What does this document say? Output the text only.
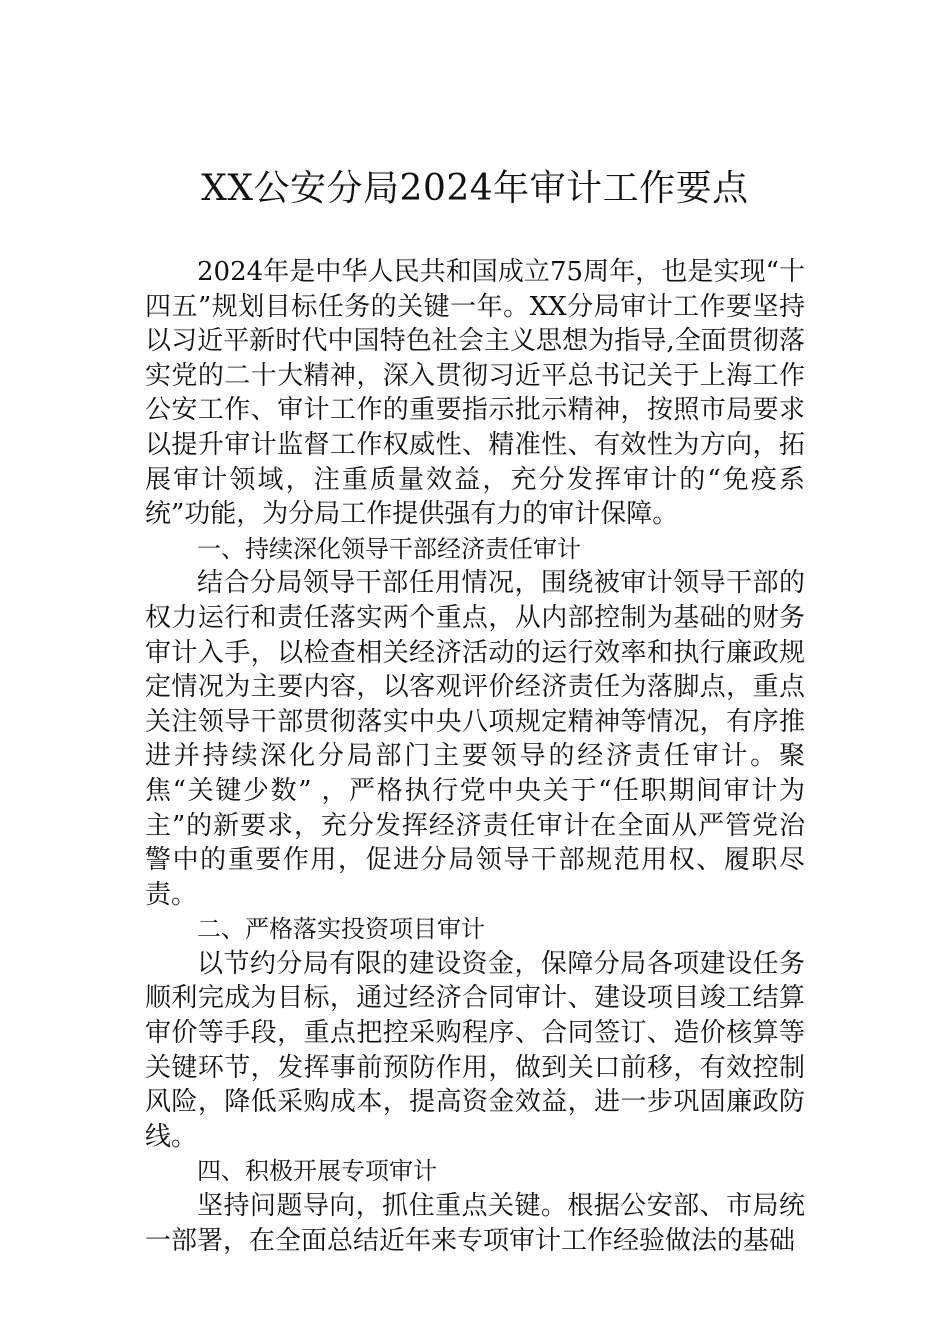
XX公安分局2024年审计工作要点

2024年是中华人民共和国成立75周年，也是实现“十四五”规划目标任务的关键一年。XX分局审计工作要坚持以习近平新时代中国特色社会主义思想为指导,全面贯彻落实党的二十大精神，深入贯彻习近平总书记关于上海工作公安工作、审计工作的重要指示批示精神，按照市局要求以提升审计监督工作权威性、精准性、有效性为方向，拓展审计领域，注重质量效益，充分发挥审计的“免疫系统”功能，为分局工作提供强有力的审计保障。

一、持续深化领导干部经济责任审计

结合分局领导干部任用情况，围绕被审计领导干部的权力运行和责任落实两个重点，从内部控制为基础的财务审计入手，以检查相关经济活动的运行效率和执行廉政规定情况为主要内容，以客观评价经济责任为落脚点，重点关注领导干部贯彻落实中央八项规定精神等情况，有序推进并持续深化分局部门主要领导的经济责任审计。聚焦“关键少数” ，严格执行党中央关于“任职期间审计为主”的新要求，充分发挥经济责任审计在全面从严管党治警中的重要作用，促进分局领导干部规范用权、履职尽责。

二、严格落实投资项目审计

以节约分局有限的建设资金，保障分局各项建设任务顺利完成为目标，通过经济合同审计、建设项目竣工结算审价等手段，重点把控采购程序、合同签订、造价核算等关键环节，发挥事前预防作用，做到关口前移，有效控制风险，降低采购成本，提高资金效益，进一步巩固廉政防线。

四、积极开展专项审计

坚持问题导向，抓住重点关键。根据公安部、市局统一部署，在全面总结近年来专项审计工作经验做法的基础
